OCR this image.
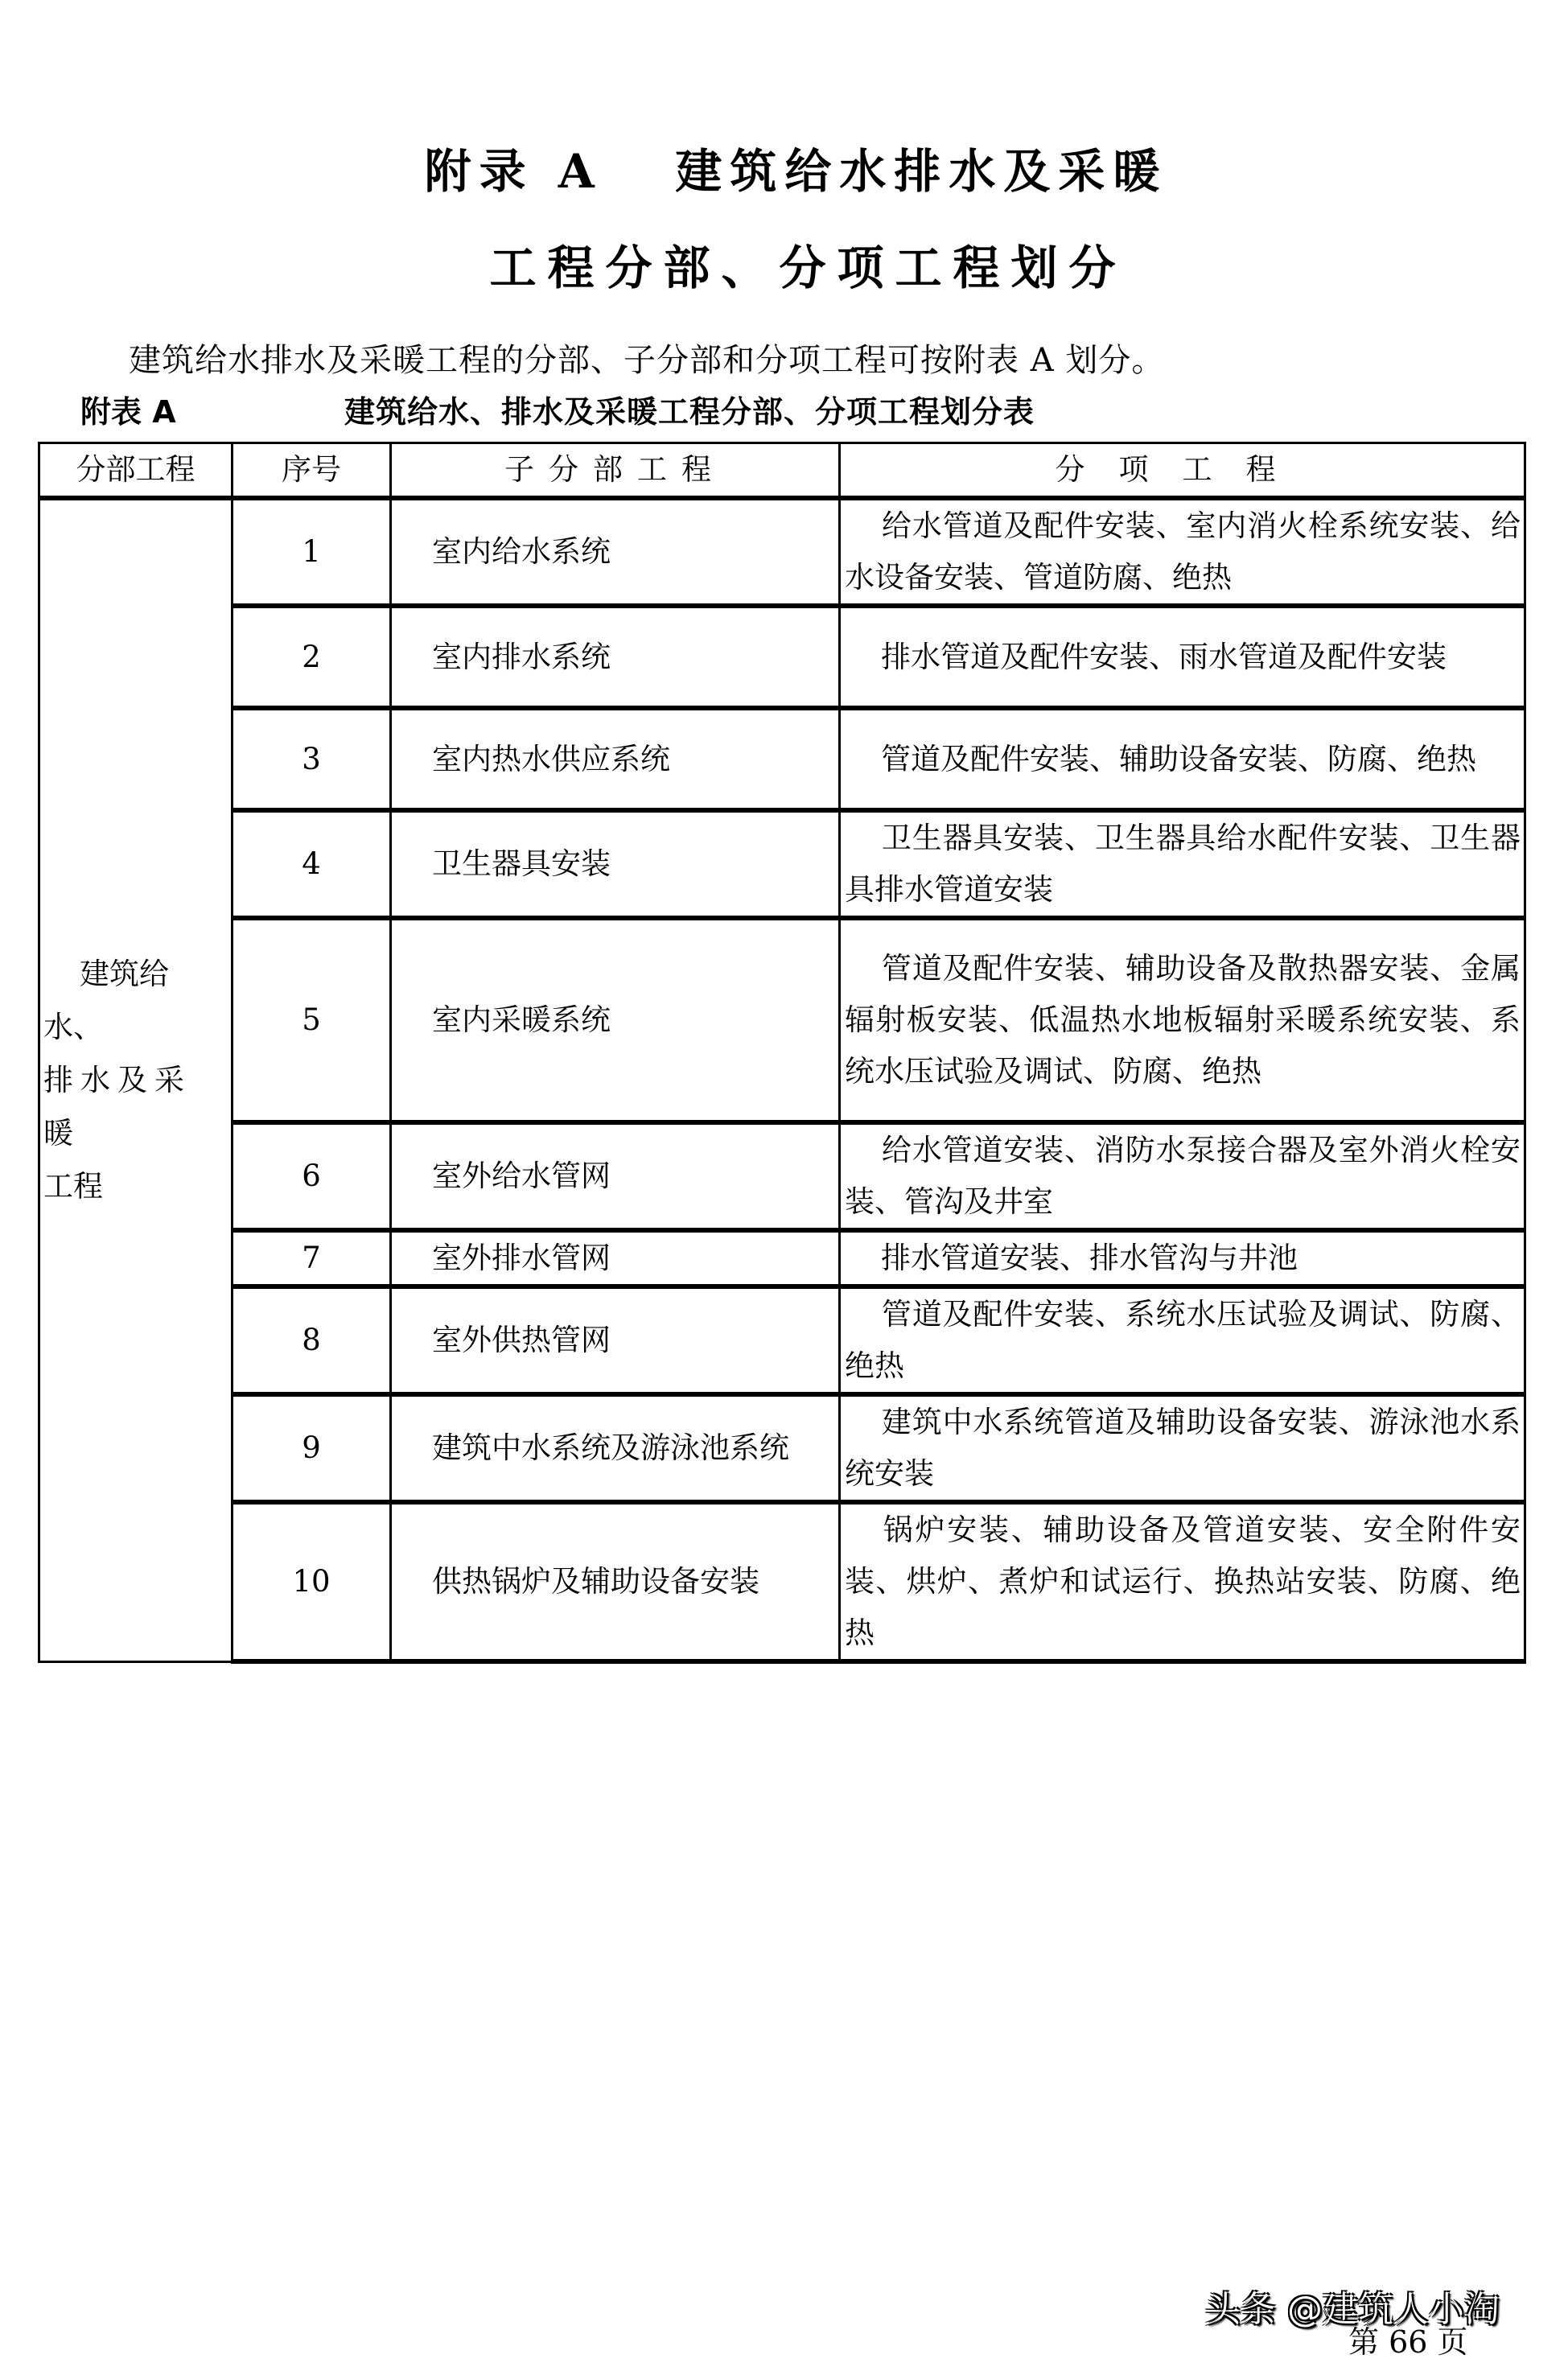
附录 A   建筑给水排水及采暖
工程分部、分项工程划分
建筑给水排水及采暖工程的分部、子分部和分项工程可按附表 A 划分。
附表 A	建筑给水、排水及采暖工程分部、分项工程划分表
分部工程	序号	子分部工程	分项工程

建筑给水、
排水及采暖
工程	1	室内给水系统	给水管道及配件安装、室内消火栓系统安装、给水设备安装、管道防腐、绝热
	2	室内排水系统	排水管道及配件安装、雨水管道及配件安装
	3	室内热水供应系统	管道及配件安装、辅助设备安装、防腐、绝热
	4	卫生器具安装	卫生器具安装、卫生器具给水配件安装、卫生器具排水管道安装
	5	室内采暖系统	管道及配件安装、辅助设备及散热器安装、金属辐射板安装、低温热水地板辐射采暖系统安装、系统水压试验及调试、防腐、绝热
	6	室外给水管网	给水管道安装、消防水泵接合器及室外消火栓安装、管沟及井室
	7	室外排水管网	排水管道安装、排水管沟与井池
	8	室外供热管网	管道及配件安装、系统水压试验及调试、防腐、绝热
	9	建筑中水系统及游泳池系统	建筑中水系统管道及辅助设备安装、游泳池水系统安装
	10	供热锅炉及辅助设备安装	锅炉安装、辅助设备及管道安装、安全附件安装、烘炉、煮炉和试运行、换热站安装、防腐、绝热
第 66 页
头条 @建筑人小淘
